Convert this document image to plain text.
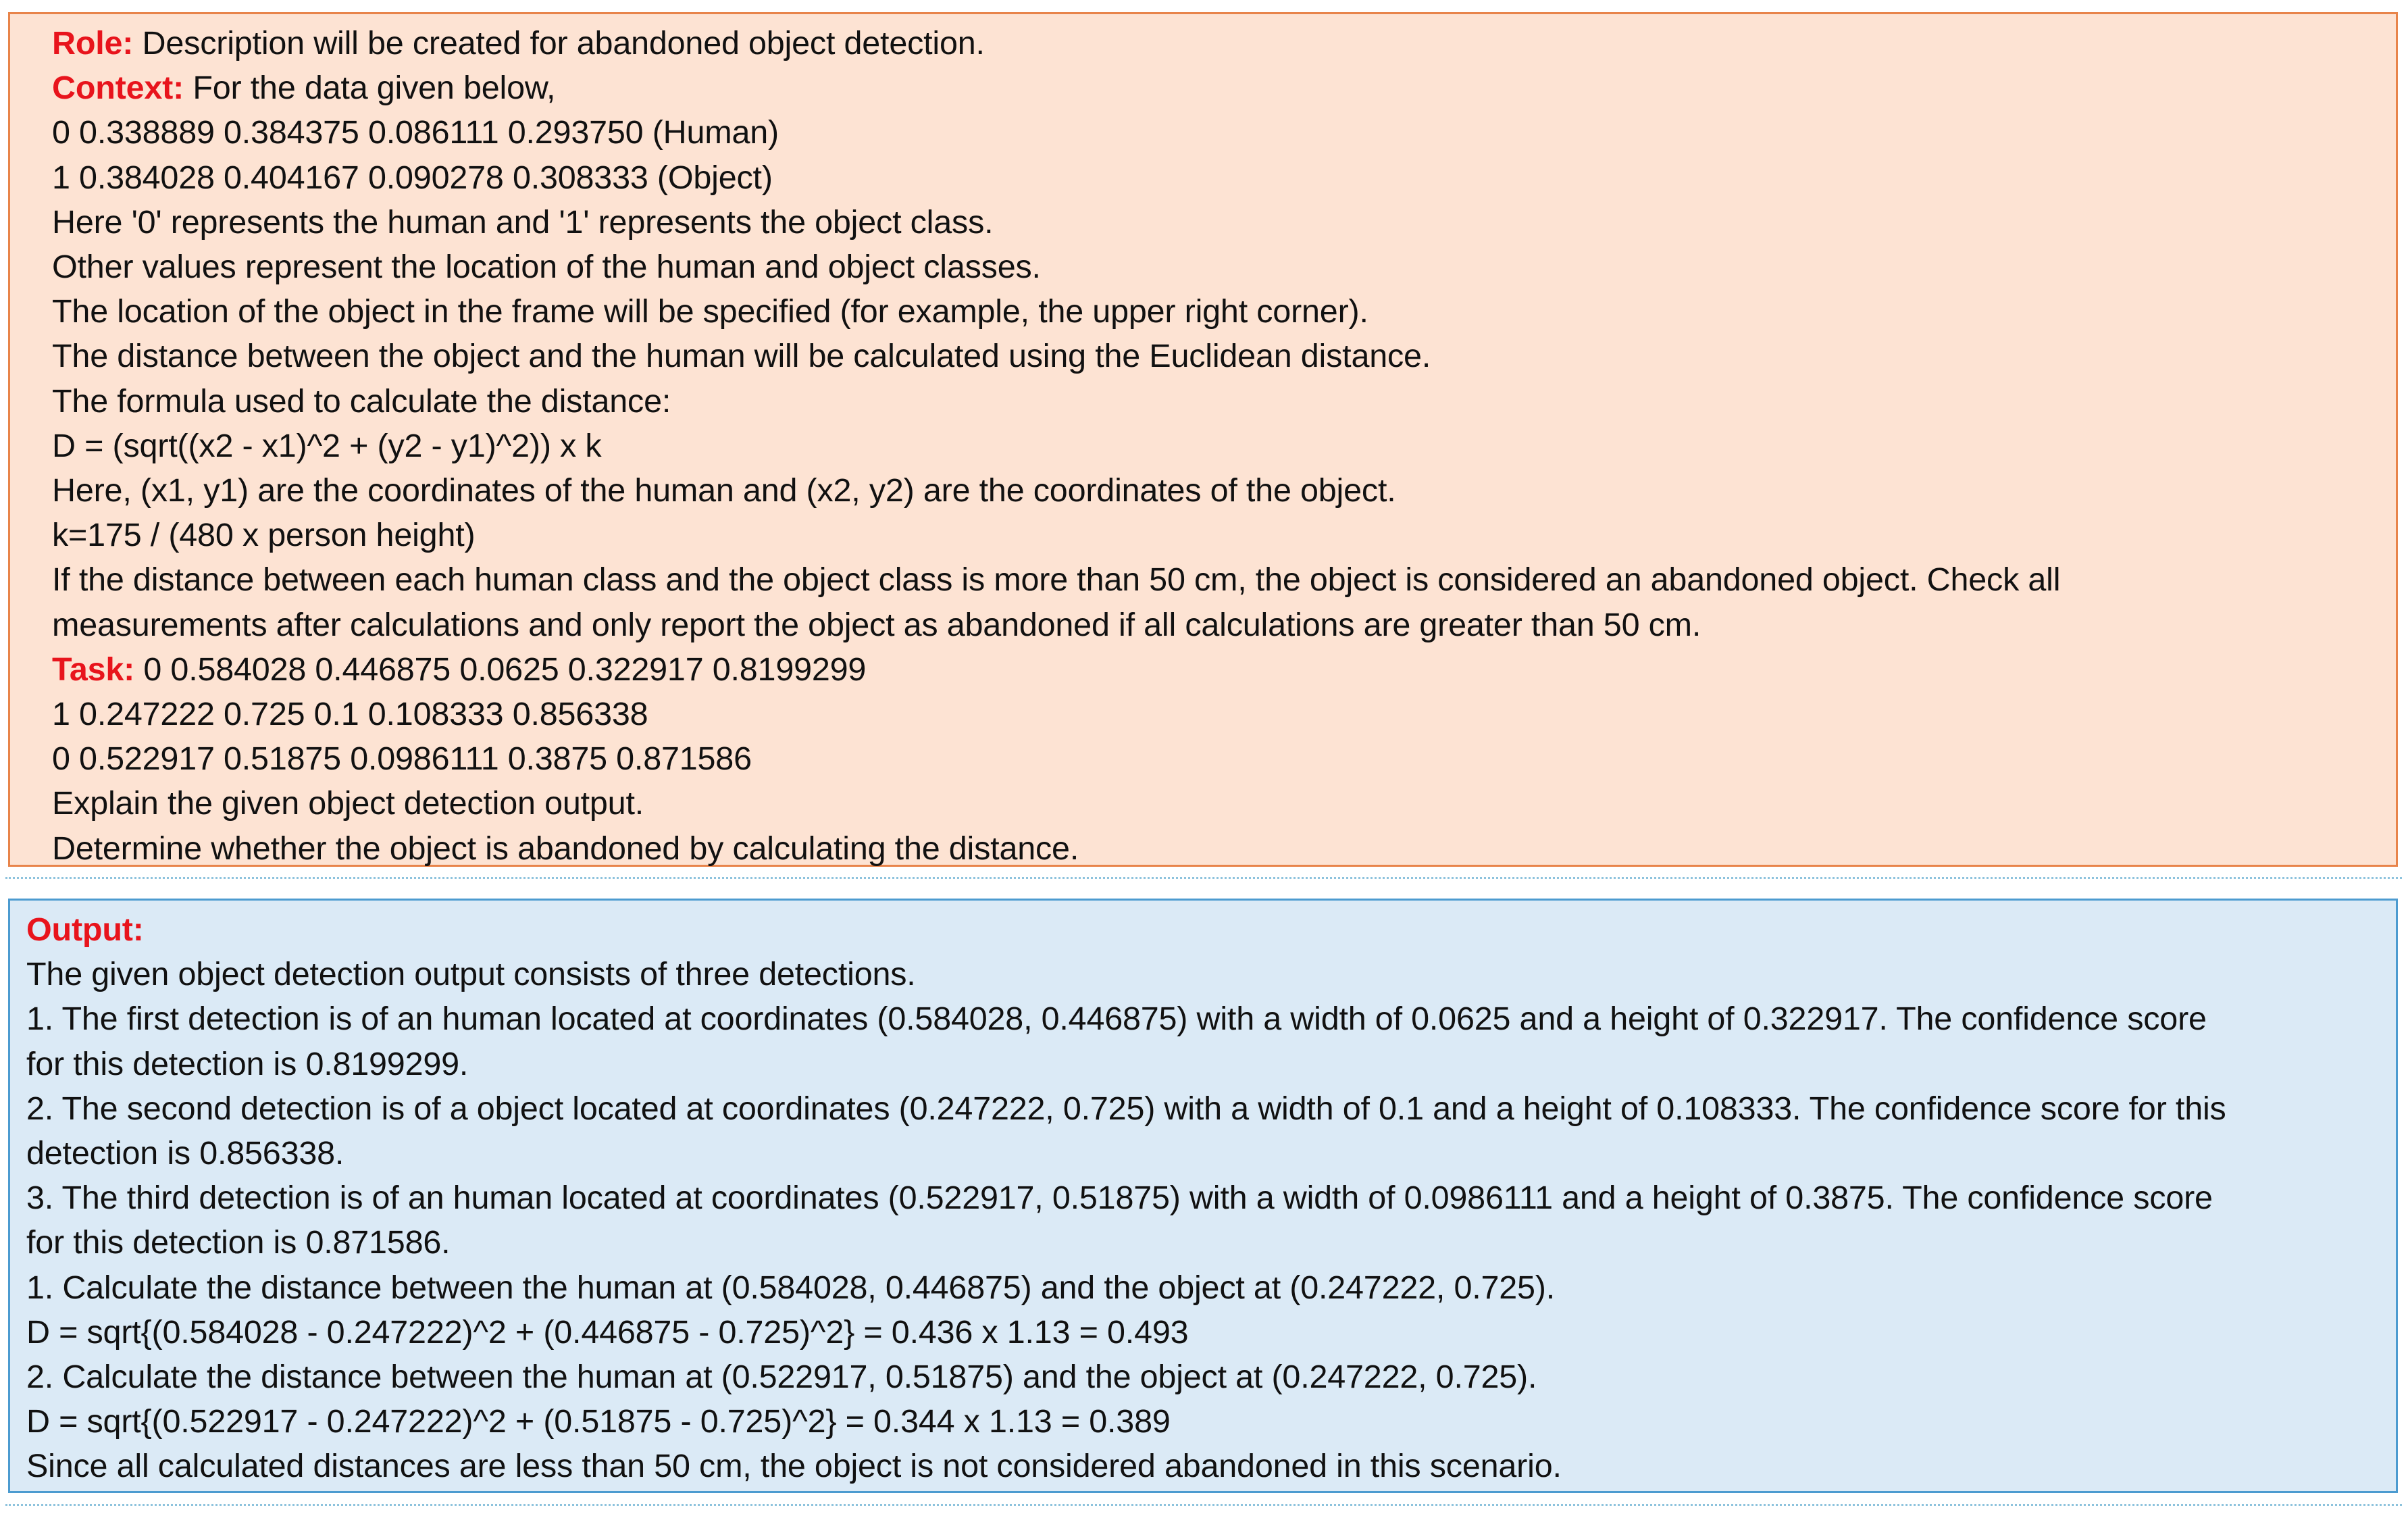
Role: Description will be created for abandoned object detection.
Context: For the data given below,
0 0.338889 0.384375 0.086111 0.293750 (Human)
1 0.384028 0.404167 0.090278 0.308333 (Object)
Here '0' represents the human and '1' represents the object class.
Other values represent the location of the human and object classes.
The location of the object in the frame will be specified (for example, the upper right corner).
The distance between the object and the human will be calculated using the Euclidean distance.
The formula used to calculate the distance:
D = (sqrt((x2 - x1)^2 + (y2 - y1)^2)) x k
Here, (x1, y1) are the coordinates of the human and (x2, y2) are the coordinates of the object.
k=175 / (480 x person height)
If the distance between each human class and the object class is more than 50 cm, the object is considered an abandoned object. Check all
measurements after calculations and only report the object as abandoned if all calculations are greater than 50 cm.
Task: 0 0.584028 0.446875 0.0625 0.322917 0.8199299
1 0.247222 0.725 0.1 0.108333 0.856338
0 0.522917 0.51875 0.0986111 0.3875 0.871586
Explain the given object detection output.
Determine whether the object is abandoned by calculating the distance.
Output:
The given object detection output consists of three detections.
1. The first detection is of an human located at coordinates (0.584028, 0.446875) with a width of 0.0625 and a height of 0.322917. The confidence score
for this detection is 0.8199299.
2. The second detection is of a object located at coordinates (0.247222, 0.725) with a width of 0.1 and a height of 0.108333. The confidence score for this
detection is 0.856338.
3. The third detection is of an human located at coordinates (0.522917, 0.51875) with a width of 0.0986111 and a height of 0.3875. The confidence score
for this detection is 0.871586.
1. Calculate the distance between the human at (0.584028, 0.446875) and the object at (0.247222, 0.725).
D = sqrt{(0.584028 - 0.247222)^2 + (0.446875 - 0.725)^2} = 0.436 x 1.13 = 0.493
2. Calculate the distance between the human at (0.522917, 0.51875) and the object at (0.247222, 0.725).
D = sqrt{(0.522917 - 0.247222)^2 + (0.51875 - 0.725)^2} = 0.344 x 1.13 = 0.389
Since all calculated distances are less than 50 cm, the object is not considered abandoned in this scenario.
